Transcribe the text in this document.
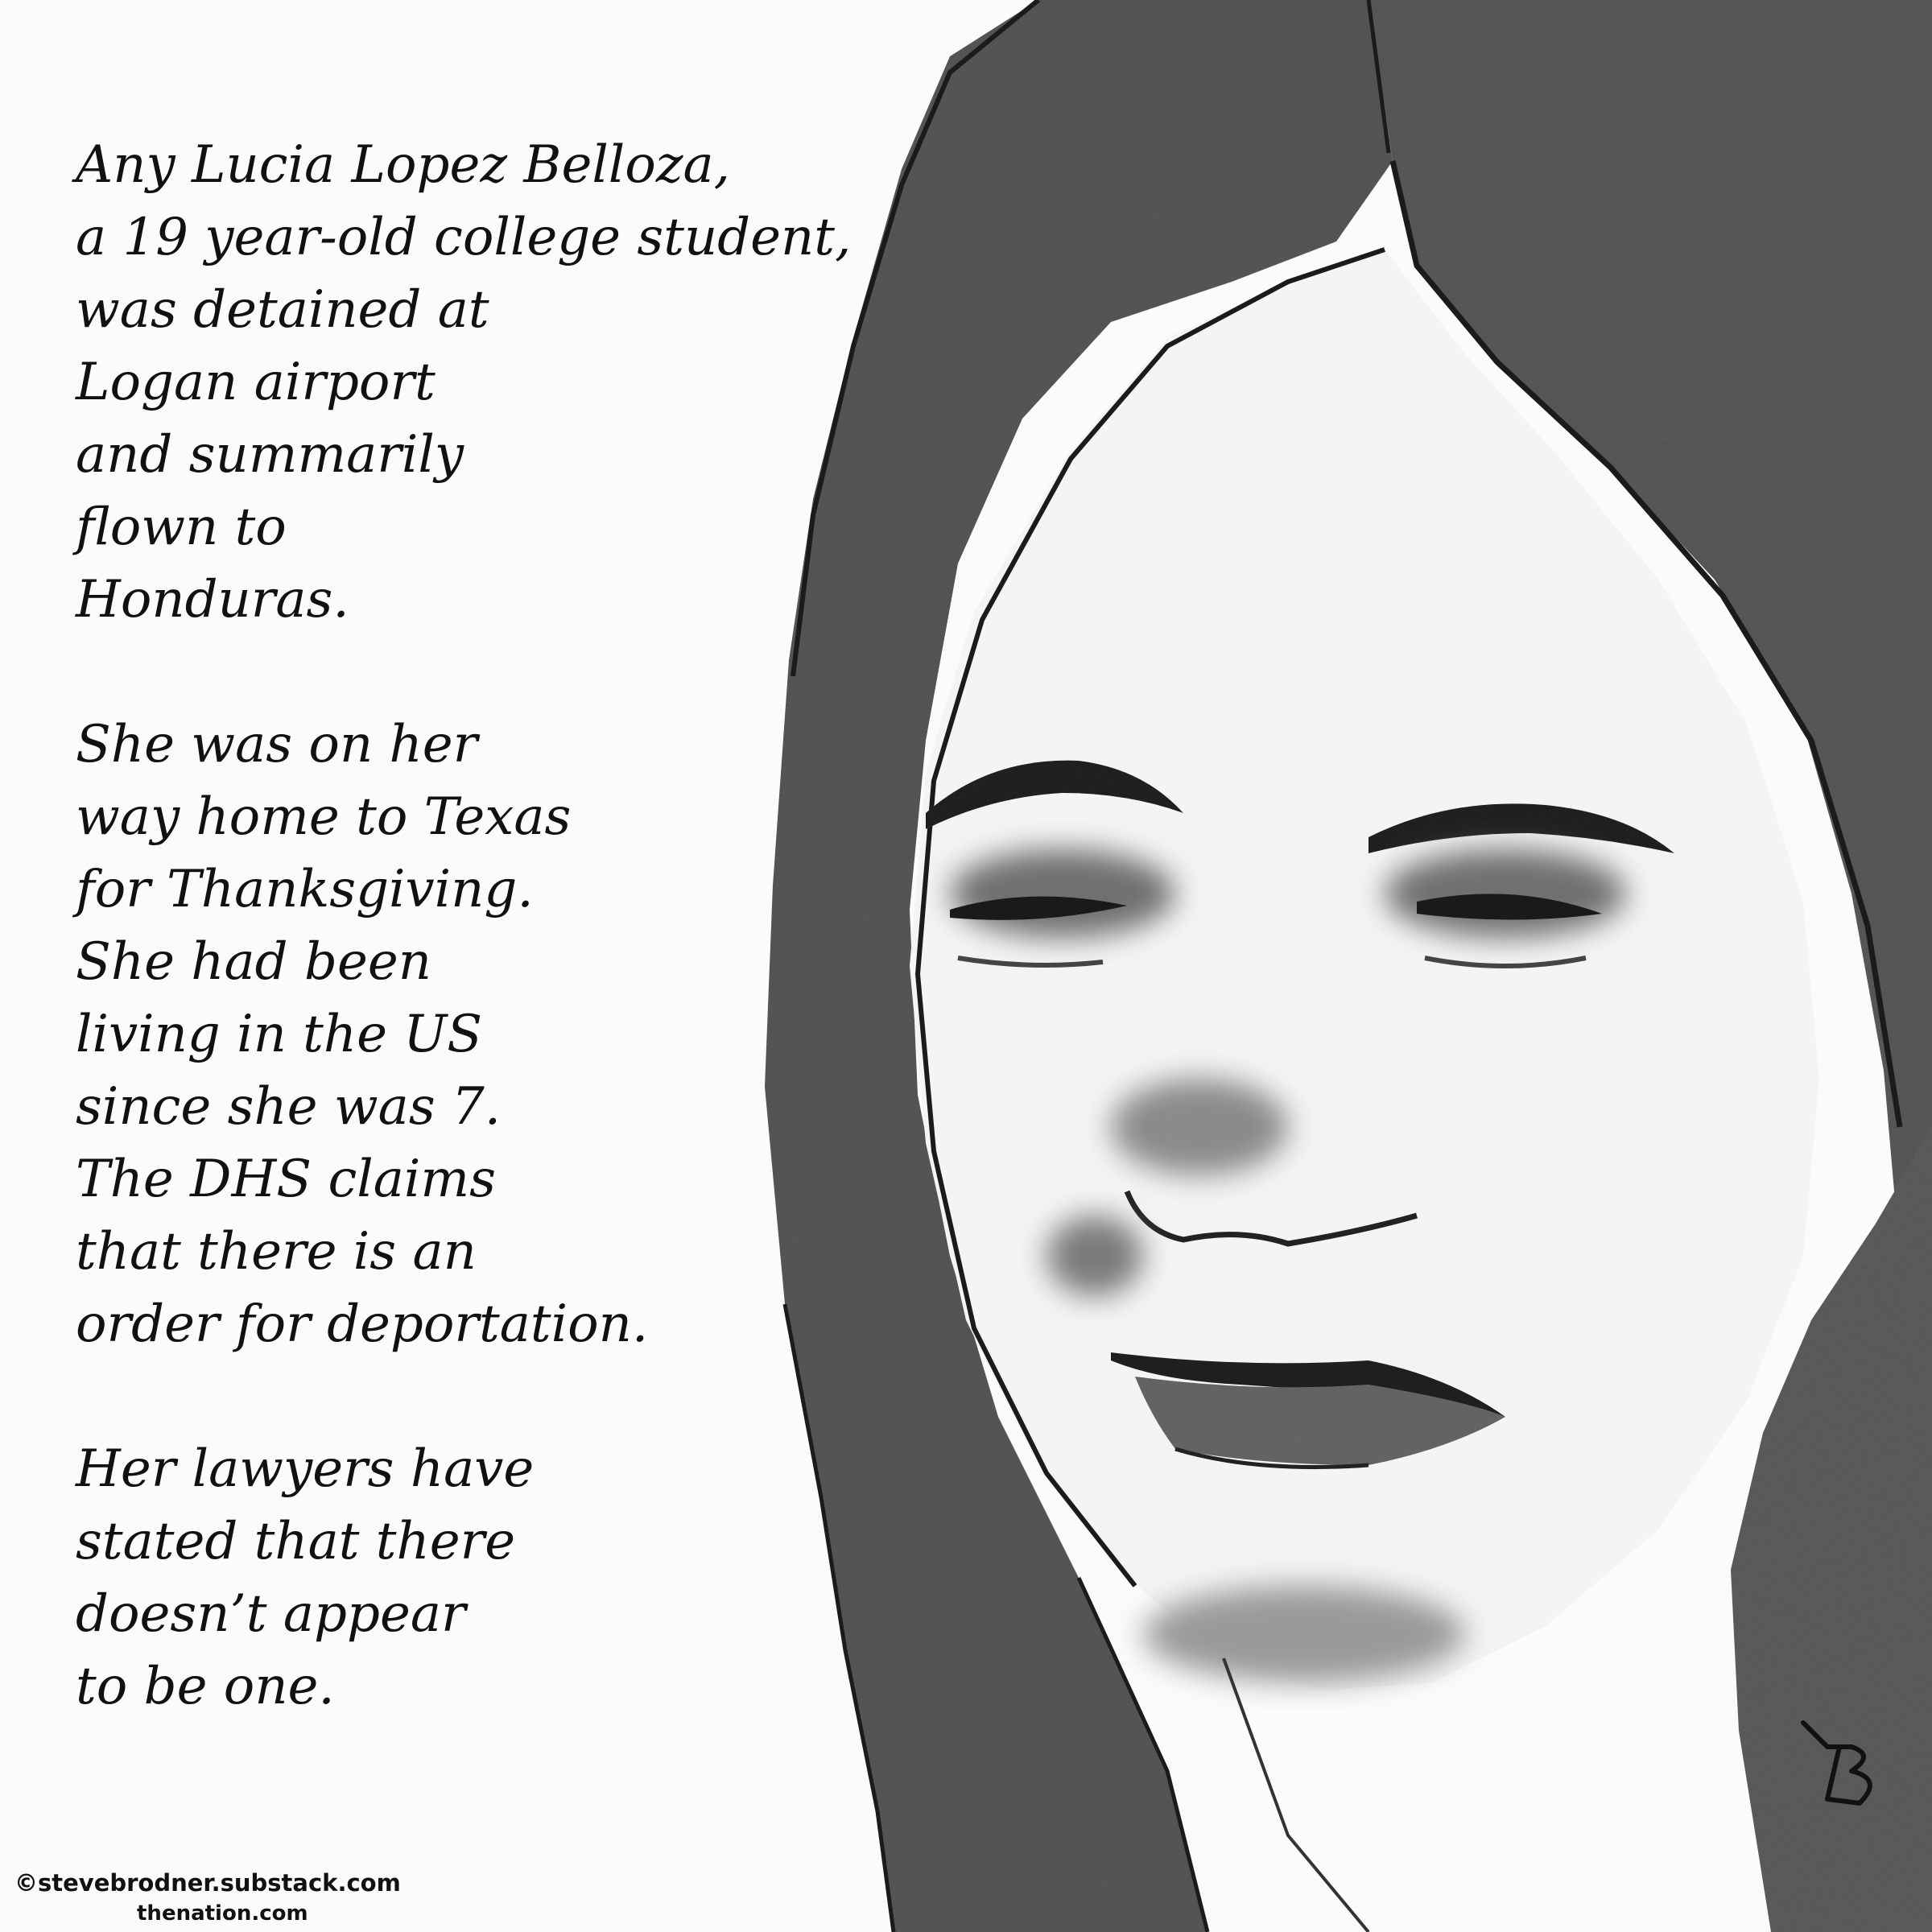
Any Lucia Lopez Belloza,
a 19 year-old college student,
was detained at
Logan airport
and summarily
flown to
Honduras.
She was on her
way home to Texas
for Thanksgiving.
She had been
living in the US
since she was 7.
The DHS claims
that there is an
order for deportation.
Her lawyers have
stated that there
doesn’t appear
to be one.
©stevebrodner.substack.com
thenation.com
